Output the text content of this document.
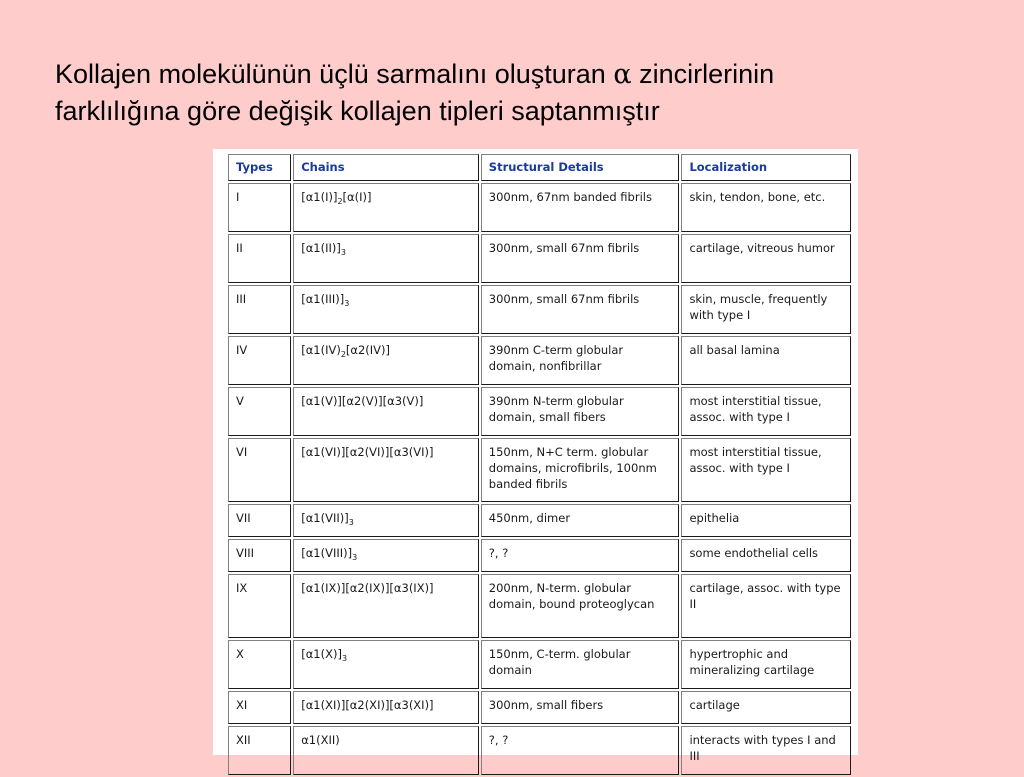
Kollajen molekülünün üçlü sarmalını oluşturan α zincirlerinin
farklılığına göre değişik kollajen tipleri saptanmıştır
Types	Chains	Structural Details	Localization
I	$[\alpha 1(I)]_2[\alpha(I)]$	300nm, 67nm banded fibrils	skin, tendon, bone, etc.
II	$[\alpha 1(II)]_3$	300nm, small 67nm fibrils	cartilage, vitreous humor
III	$[\alpha 1(III)]_3$	300nm, small 67nm fibrils	skin, muscle, frequently with type I
IV	[$\alpha 1(IV)_2[\alpha 2(IV)]$	390nm C-term globular domain, nonfibrillar	all basal lamina
V	[α1(V)][α2(V)][α3(V)]	390nm N-term globular domain, small fibers	most interstitial tissue, assoc. with type I
VI	[α1(VI)][α2(VI)][α3(VI)]	150nm, N+C term. globular domains, microfibrils, 100nm banded fibrils	most interstitial tissue, assoc. with type I
VII	$[\alpha 1(VII)]_3$	450nm, dimer	epithelia
VIII	$[\alpha 1(VIII)]_3$	?, ?	some endothelial cells
IX	[α1(IX)][α2(IX)][α3(IX)]	200nm, N-term. globular domain, bound proteoglycan	cartilage, assoc. with type II
X	$[\alpha 1(X)]_3$	150nm, C-term. globular domain	hypertrophic and mineralizing cartilage
XI	[α1(XI)][α2(XI)][α3(XI)]	300nm, small fibers	cartilage
XII	α1(XII)	?, ?	interacts with types I and III
